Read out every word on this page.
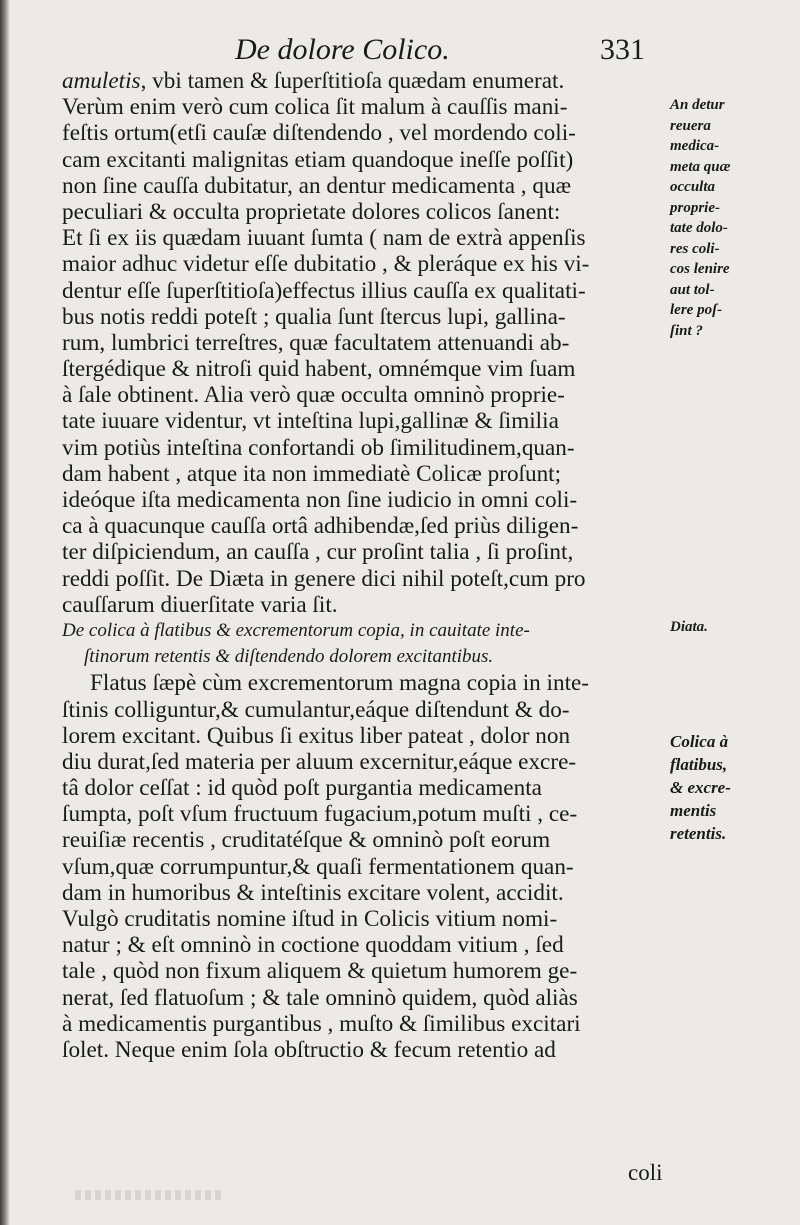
De dolore Colico.	331
amuletis, vbi tamen & ſuperſtitioſa quædam enumerat.
Verùm enim verò cum colica ſit malum à cauſſis mani-
feſtis ortum(etſi cauſæ diſtendendo , vel mordendo coli-
cam excitanti malignitas etiam quandoque ineſſe poſſit)
non ſine cauſſa dubitatur, an dentur medicamenta , quæ
peculiari & occulta proprietate dolores colicos ſanent:
Et ſi ex iis quædam iuuant ſumta ( nam de extrà appenſis
maior adhuc videtur eſſe dubitatio , & pleráque ex his vi-
dentur eſſe ſuperſtitioſa)effectus illius cauſſa ex qualitati-
bus notis reddi poteſt ; qualia ſunt ſtercus lupi, gallina-
rum, lumbrici terreſtres, quæ facultatem attenuandi ab-
ſtergédique & nitroſi quid habent, omnémque vim ſuam
à ſale obtinent. Alia verò quæ occulta omninò proprie-
tate iuuare videntur, vt inteſtina lupi,gallinæ & ſimilia
vim potiùs inteſtina confortandi ob ſimilitudinem,quan-
dam habent , atque ita non immediatè Colicæ proſunt;
ideóque iſta medicamenta non ſine iudicio in omni coli-
ca à quacunque cauſſa ortâ adhibendæ,ſed priùs diligen-
ter diſpiciendum, an cauſſa , cur proſint talia , ſi proſint,
reddi poſſit. De Diæta in genere dici nihil poteſt,cum pro
cauſſarum diuerſitate varia ſit.
De colica à flatibus & excrementorum copia, in cauitate inte-
ſtinorum retentis & diſtendendo dolorem excitantibus.
Flatus ſæpè cùm excrementorum magna copia in inte-
ſtinis colliguntur,& cumulantur,eáque diſtendunt & do-
lorem excitant. Quibus ſi exitus liber pateat , dolor non
diu durat,ſed materia per aluum excernitur,eáque excre-
tâ dolor ceſſat : id quòd poſt purgantia medicamenta
ſumpta, poſt vſum fructuum fugacium,potum muſti , ce-
reuiſiæ recentis , cruditatéſque & omninò poſt eorum
vſum,quæ corrumpuntur,& quaſi fermentationem quan-
dam in humoribus & inteſtinis excitare volent, accidit.
Vulgò cruditatis nomine iſtud in Colicis vitium nomi-
natur ; & eſt omninò in coctione quoddam vitium , ſed
tale , quòd non fixum aliquem & quietum humorem ge-
nerat, ſed flatuoſum ; & tale omninò quidem, quòd aliàs
à medicamentis purgantibus , muſto & ſimilibus excitari
ſolet. Neque enim ſola obſtructio & fecum retentio ad
An detur
reuera
medica-
meta quæ
occulta
proprie-
tate dolo-
res coli-
cos lenire
aut tol-
lere poſ-
ſint ?
Diata.
Colica à
flatibus,
& excre-
mentis
retentis.
coli
